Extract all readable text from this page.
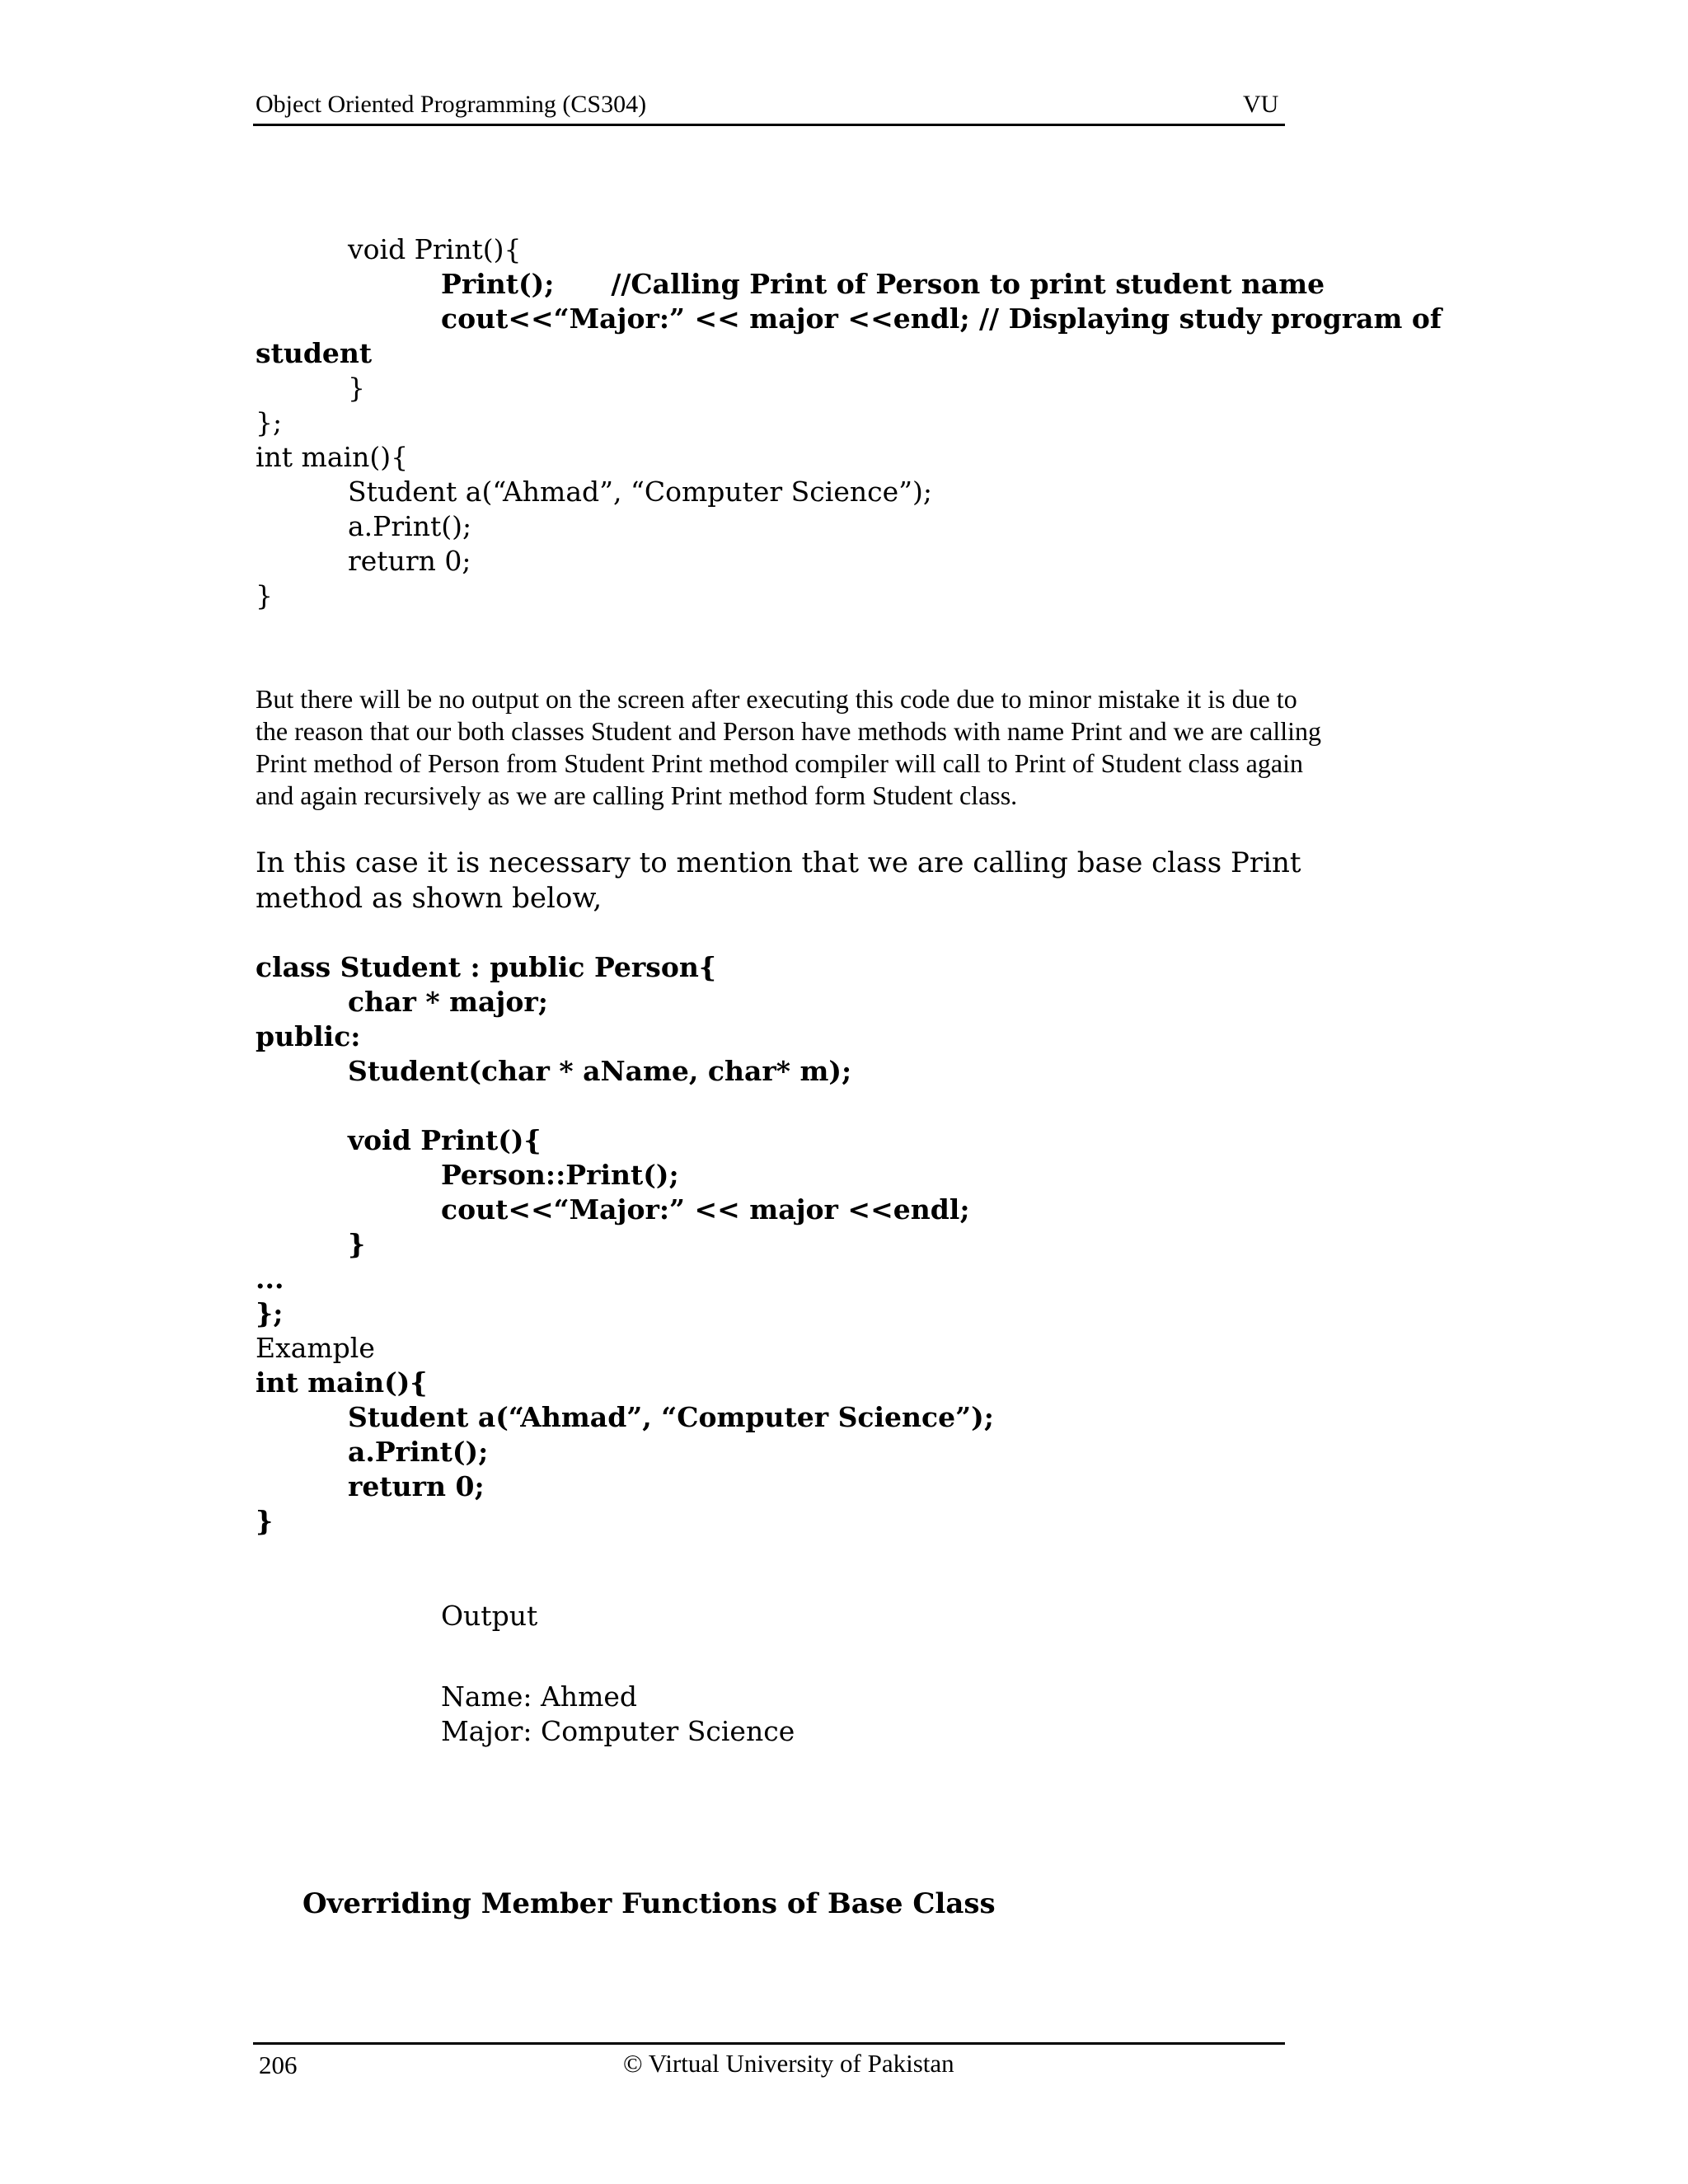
Object Oriented Programming (CS304)	VU
void Print(){
Print();      //Calling Print of Person to print student name
cout<<“Major:” << major <<endl; // Displaying study program of
student
}
};
int main(){
Student a(“Ahmad”, “Computer Science”);
a.Print();
return 0;
}

But there will be no output on the screen after executing this code due to minor mistake it is due to the reason that our both classes Student and Person have methods with name Print and we are calling Print method of Person from Student Print method compiler will call to Print of Student class again and again recursively as we are calling Print method form Student class.

In this case it is necessary to mention that we are calling base class Print method as shown below,

class Student : public Person{
char * major;
public:
Student(char * aName, char* m);
void Print(){
Person::Print();
cout<<“Major:” << major <<endl;
}
...
};
Example
int main(){
Student a(“Ahmad”, “Computer Science”);
a.Print();
return 0;
}
Output
Name: Ahmed
Major: Computer Science
Overriding Member Functions of Base Class
206	© Virtual University of Pakistan
